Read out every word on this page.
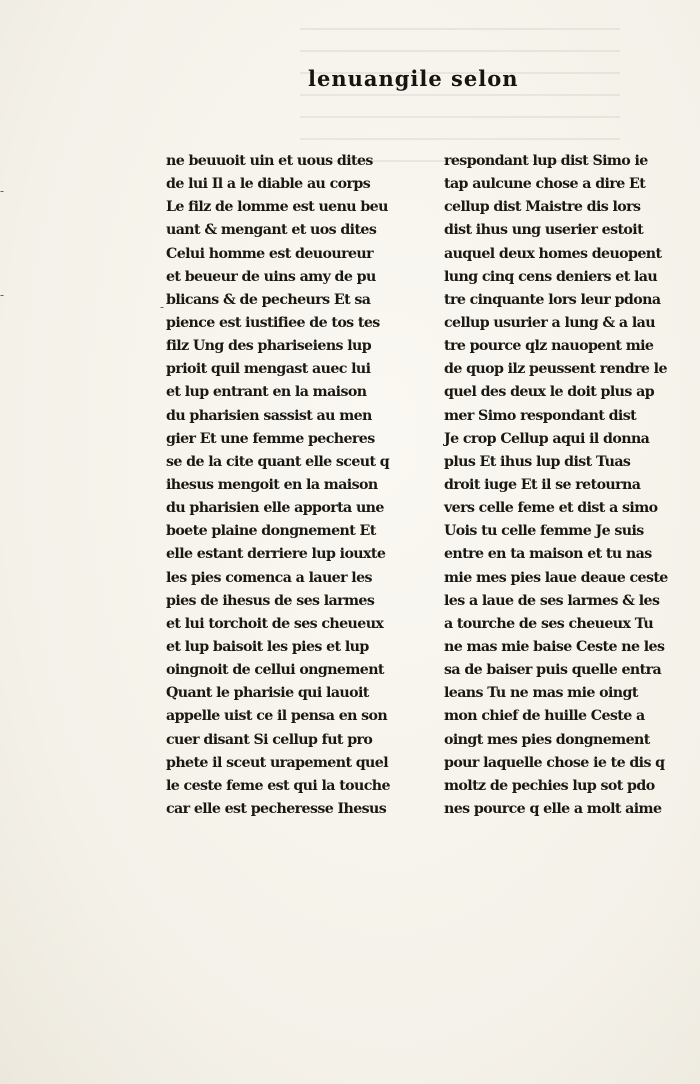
lenuangile selon
-
-
-
ne beuuoit uin et uous dites
de lui Il a le diable au corps
Le filz de lomme est uenu beu
uant & mengant et uos dites
Celui homme est deuoureur
et beueur de uins amy de pu
blicans & de pecheurs Et sa
pience est iustifiee de tos tes
filz Ung des phariseiens lup
prioit quil mengast auec lui
et lup entrant en la maison
du pharisien sassist au men
gier Et une femme pecheres
se de la cite quant elle sceut q
ihesus mengoit en la maison
du pharisien elle apporta une
boete plaine dongnement Et
elle estant derriere lup iouxte
les pies comenca a lauer les
pies de ihesus de ses larmes
et lui torchoit de ses cheueux
et lup baisoit les pies et lup
oingnoit de cellui ongnement
Quant le pharisie qui lauoit
appelle uist ce il pensa en son
cuer disant Si cellup fut pro
phete il sceut urapement quel
le ceste feme est qui la touche
car elle est pecheresse Ihesus
respondant lup dist Simo ie
tap aulcune chose a dire Et
cellup dist Maistre dis lors
dist ihus ung userier estoit
auquel deux homes deuopent
lung cinq cens deniers et lau
tre cinquante lors leur pdona
cellup usurier a lung & a lau
tre pource qlz nauopent mie
de quop ilz peussent rendre le
quel des deux le doit plus ap
mer Simo respondant dist
Je crop Cellup aqui il donna
plus Et ihus lup dist Tuas
droit iuge Et il se retourna
vers celle feme et dist a simo
Uois tu celle femme Je suis
entre en ta maison et tu nas
mie mes pies laue deaue ceste
les a laue de ses larmes & les
a tourche de ses cheueux Tu
ne mas mie baise Ceste ne les
sa de baiser puis quelle entra
leans Tu ne mas mie oingt
mon chief de huille Ceste a
oingt mes pies dongnement
pour laquelle chose ie te dis q
moltz de pechies lup sot pdo
nes pource q elle a molt aime
